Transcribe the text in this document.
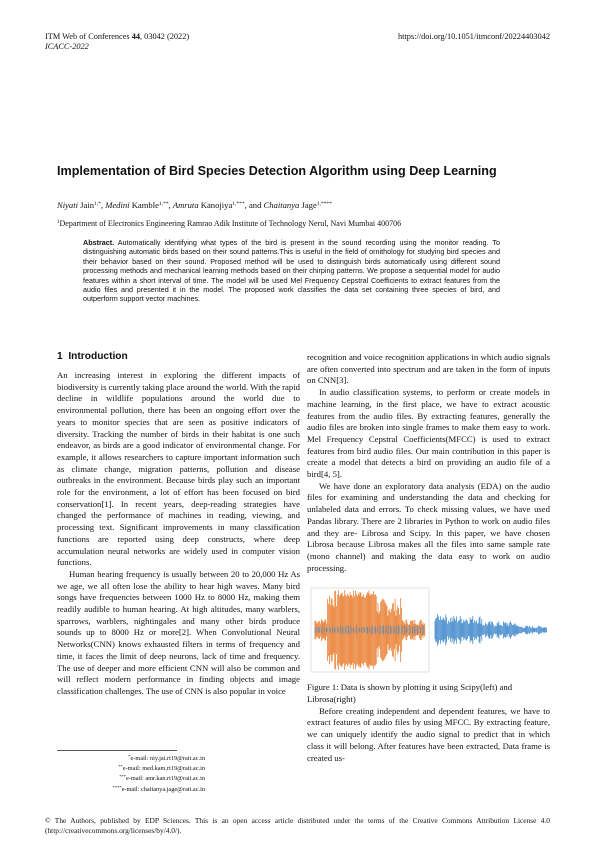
ITM Web of Conferences 44, 03042 (2022)
ICACC-2022
https://doi.org/10.1051/itmconf/20224403042
Implementation of Bird Species Detection Algorithm using Deep Learning
Niyati Jain$^{1,*}$, Medini Kamble$^{1,**}$, Amruta Kanojiya$^{1,***}$, and Chaitanya Jage$^{1,****}$
$^1$Department of Electronics Engineering Ramrao Adik Institute of Technology Nerul, Navi Mumbai 400706
Abstract. Automatically identifying what types of the bird is present in the sound recording using the monitor reading. To distinguishing automatic birds based on their sound patterns.This is useful in the field of ornithology for studying bird species and their behavior based on their sound. Proposed method will be used to distinguish birds automatically using different sound processing methods and mechanical learning methods based on their chirping patterns. We propose a sequential model for audio features within a short interval of time. The model will be used Mel Frequency Cepstral Coefficients to extract features from the audio files and presented it in the model. The proposed work classifies the data set containing three species of bird, and outperform support vector machines.
1 Introduction

An increasing interest in exploring the different impacts of biodiversity is currently taking place around the world. With the rapid decline in wildlife populations around the world due to environmental pollution, there has been an ongoing effort over the years to monitor species that are seen as positive indicators of diversity. Tracking the number of birds in their habitat is one such endeavor, as birds are a good indicator of environmental change. For example, it allows researchers to capture important information such as climate change, migration patterns, pollution and disease outbreaks in the environment. Because birds play such an important role for the environment, a lot of effort has been focused on bird conservation[1]. In recent years, deep-reading strategies have changed the performance of machines in reading, viewing, and processing text. Significant improvements in many classification functions are reported using deep constructs, where deep accumulation neural networks are widely used in computer vision functions.

Human hearing frequency is usually between 20 to 20,000 Hz As we age, we all often lose the ability to hear high waves. Many bird songs have frequencies between 1000 Hz to 8000 Hz, making them readily audible to human hearing. At high altitudes, many warblers, sparrows, warblers, nightingales and many other birds produce sounds up to 8000 Hz or more[2]. When Convolutional Neural Networks(CNN) knows exhausted filters in terms of frequency and time, it faces the limit of deep neurons, lack of time and frequency. The use of deeper and more efficient CNN will also be common and will reflect modern performance in finding objects and image classification challenges. The use of CNN is also popular in voice

recognition and voice recognition applications in which audio signals are often converted into spectrum and are taken in the form of inputs on CNN[3].

In audio classification systems, to perform or create models in machine learning, in the first place, we have to extract acoustic features from the audio files. By extracting features, generally the audio files are broken into single frames to make them easy to work. Mel Frequency Cepstral Coefficients(MFCC) is used to extract features from bird audio files. Our main contribution in this paper is create a model that detects a bird on providing an audio file of a bird[4, 5].

We have done an exploratory data analysis (EDA) on the audio files for examining and understanding the data and checking for unlabeled data and errors. To check missing values, we have used Pandas library. There are 2 libraries in Python to work on audio files and they are- Librosa and Scipy. In this paper, we have chosen Librosa because Librosa makes all the files into same sample rate (mono channel) and making the data easy to work on audio processing.

Figure 1: Data is shown by plotting it using Scipy(left) and Librosa(right)

Before creating independent and dependent features, we have to extract features of audio files by using MFCC. By extracting feature, we can uniquely identify the audio signal to predict that in which class it will belong. After features have been extracted, Data frame is created us-

*e-mail: niy.jai.rt19@rait.ac.in
**e-mail: med.kam.rt19@rait.ac.in
***e-mail: amr.kan.rt19@rait.ac.in
****e-mail: chaitanya.jage@rait.ac.in
© The Authors, published by EDP Sciences. This is an open access article distributed under the terms of the Creative Commons Attribution License 4.0 (http://creativecommons.org/licenses/by/4.0/).
